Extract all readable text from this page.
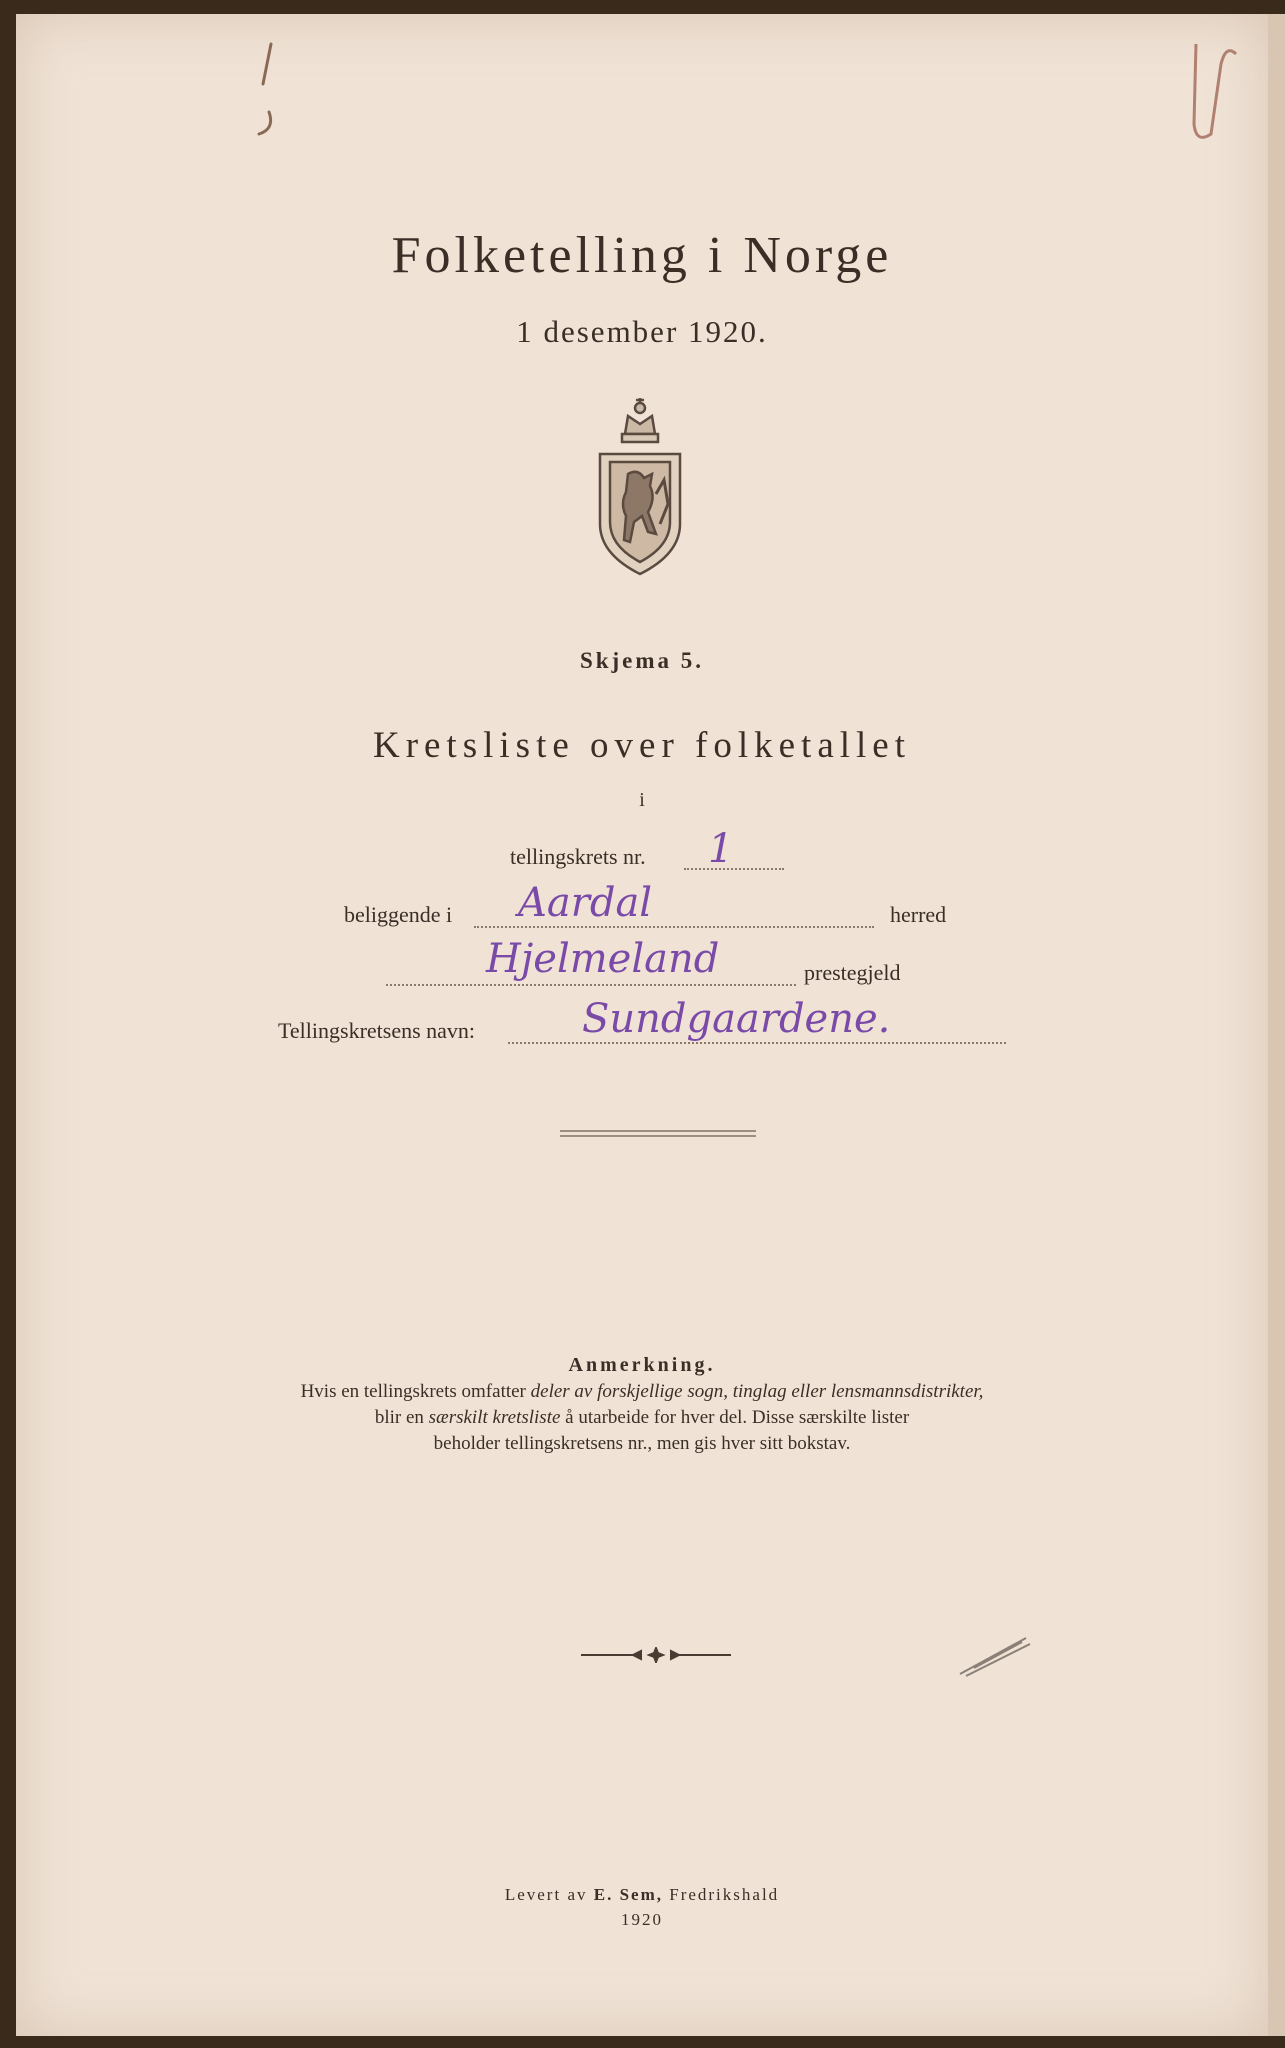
Folketelling i Norge
1 desember 1920.
Skjema 5.
Kretsliste over folketallet
i
tellingskrets nr. 1
beliggende i Aardal	herred
Hjelmeland	prestegjeld
Tellingskretsens navn:	Sundgaardene.
Anmerkning.
Hvis en tellingskrets omfatter deler av forskjellige sogn, tinglag eller lensmannsdistrikter,
blir en særskilt kretsliste å utarbeide for hver del. Disse særskilte lister
beholder tellingskretsens nr., men gis hver sitt bokstav.
Levert av E. Sem, Fredrikshald
1920
